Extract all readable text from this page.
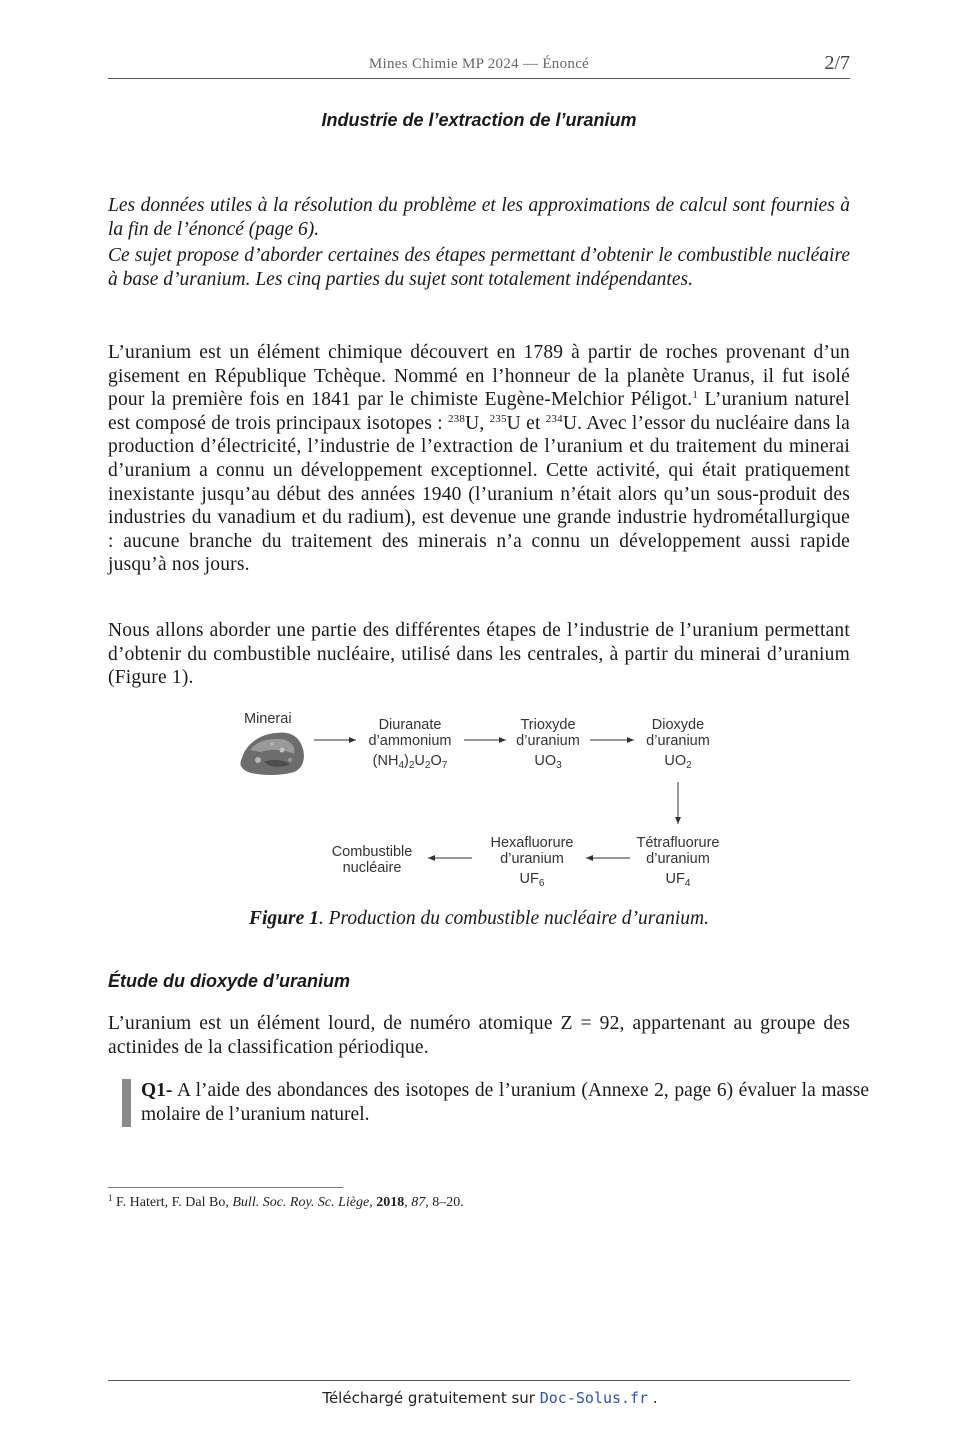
Mines Chimie MP 2024 — Énoncé	2/7
Industrie de l’extraction de l’uranium

Les données utiles à la résolution du problème et les approximations de calcul sont fournies à la fin de l’énoncé (page 6).

Ce sujet propose d’aborder certaines des étapes permettant d’obtenir le combustible nucléaire à base d’uranium. Les cinq parties du sujet sont totalement indépendantes.

L’uranium est un élément chimique découvert en 1789 à partir de roches provenant d’un gisement en République Tchèque. Nommé en l’honneur de la planète Uranus, il fut isolé pour la première fois en 1841 par le chimiste Eugène-Melchior Péligot.$^1$ L’uranium naturel est composé de trois principaux isotopes : $^{238}$U, $^{235}$U et $^{234}$U. Avec l’essor du nucléaire dans la production d’électricité, l’industrie de l’extraction de l’uranium et du traitement du minerai d’uranium a connu un développement exceptionnel. Cette activité, qui était pratiquement inexistante jusqu’au début des années 1940 (l’uranium n’était alors qu’un sous-produit des industries du vanadium et du radium), est devenue une grande industrie hydrométallurgique : aucune branche du traitement des minerais n’a connu un développement aussi rapide jusqu’à nos jours.

Nous allons aborder une partie des différentes étapes de l’industrie de l’uranium permettant d’obtenir du combustible nucléaire, utilisé dans les centrales, à partir du minerai d’uranium (Figure 1).

Minerai	Diuranate
d’ammonium
$(NH_4)_2U_2O_7$
Trioxyde
d’uranium
$UO_3$
Dioxyde
d’uranium
$UO_2$
Tétrafluorure
d’uranium
$UF_4$
Hexafluorure
d’uranium
$UF_6$
Combustible
nucléaire
Figure 1. Production du combustible nucléaire d’uranium.
Étude du dioxyde d’uranium

L’uranium est un élément lourd, de numéro atomique Z = 92, appartenant au groupe des actinides de la classification périodique.

Q1- A l’aide des abondances des isotopes de l’uranium (Annexe 2, page 6) évaluer la masse molaire de l’uranium naturel.
$^1$ F. Hatert, F. Dal Bo, Bull. Soc. Roy. Sc. Liège, 2018, 87, 8–20.
Téléchargé gratuitement sur Doc-Solus.fr .
